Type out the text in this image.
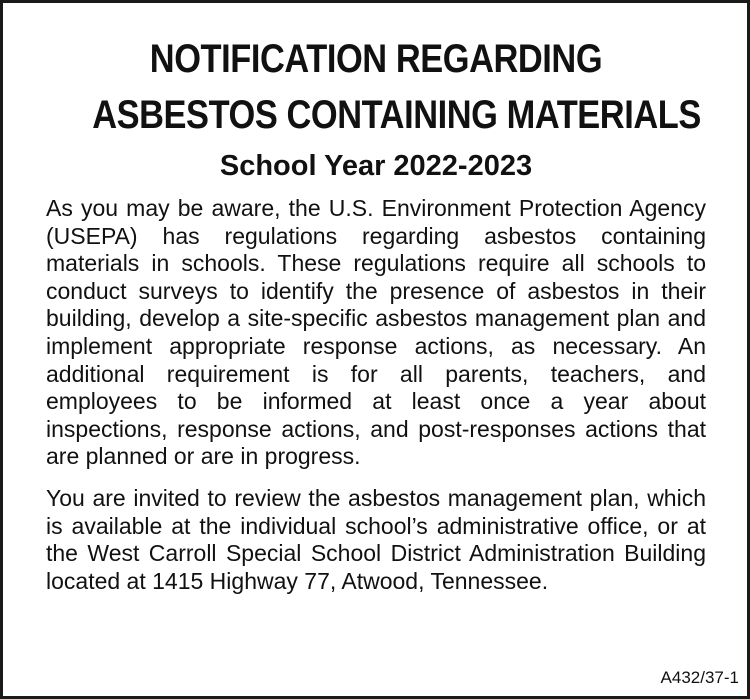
NOTIFICATION REGARDING
ASBESTOS CONTAINING MATERIALS
School Year 2022-2023

As you may be aware, the U.S. Environment Protection Agency (USEPA) has regulations regarding asbestos containing materials in schools. These regulations require all schools to conduct surveys to identify the presence of asbestos in their building, develop a site-specific asbestos management plan and implement appropriate response actions, as necessary. An additional requirement is for all parents, teachers, and employees to be informed at least once a year about inspections, response actions, and post-responses actions that are planned or are in progress.

You are invited to review the asbestos management plan, which is available at the individual school’s administrative office, or at the West Carroll Special School District Administration Building located at 1415 Highway 77, Atwood, Tennessee.

A432/37-1
